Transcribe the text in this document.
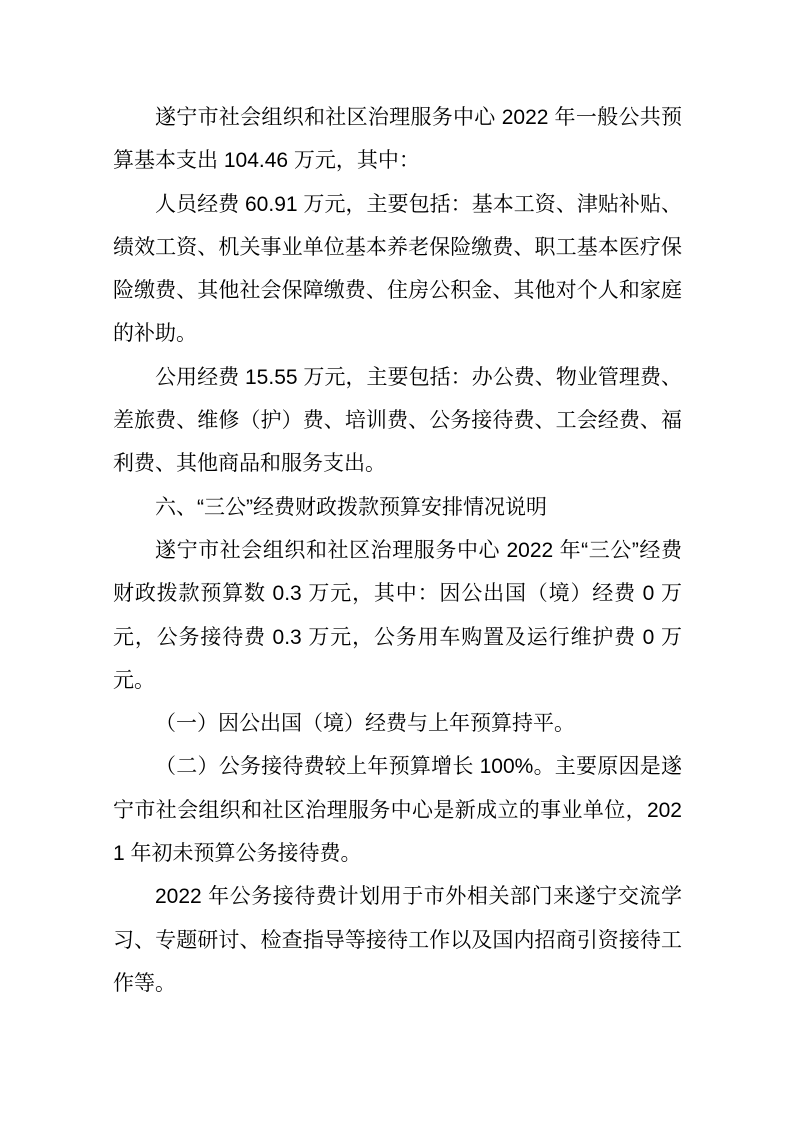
遂宁市社会组织和社区治理服务中心 2022 年一般公共预算基本支出 104.46 万元，其中：

人员经费 60.91 万元，主要包括：基本工资、津贴补贴、绩效工资、机关事业单位基本养老保险缴费、职工基本医疗保险缴费、其他社会保障缴费、住房公积金、其他对个人和家庭的补助。

公用经费 15.55 万元，主要包括：办公费、物业管理费、差旅费、维修（护）费、培训费、公务接待费、工会经费、福利费、其他商品和服务支出。

六、“三公”经费财政拨款预算安排情况说明

遂宁市社会组织和社区治理服务中心 2022 年“三公”经费财政拨款预算数 0.3 万元，其中：因公出国（境）经费 0 万元，公务接待费 0.3 万元，公务用车购置及运行维护费 0 万元。

（一）因公出国（境）经费与上年预算持平。

（二）公务接待费较上年预算增长 100%。主要原因是遂宁市社会组织和社区治理服务中心是新成立的事业单位，2021 年初未预算公务接待费。

2022 年公务接待费计划用于市外相关部门来遂宁交流学习、专题研讨、检查指导等接待工作以及国内招商引资接待工作等。
